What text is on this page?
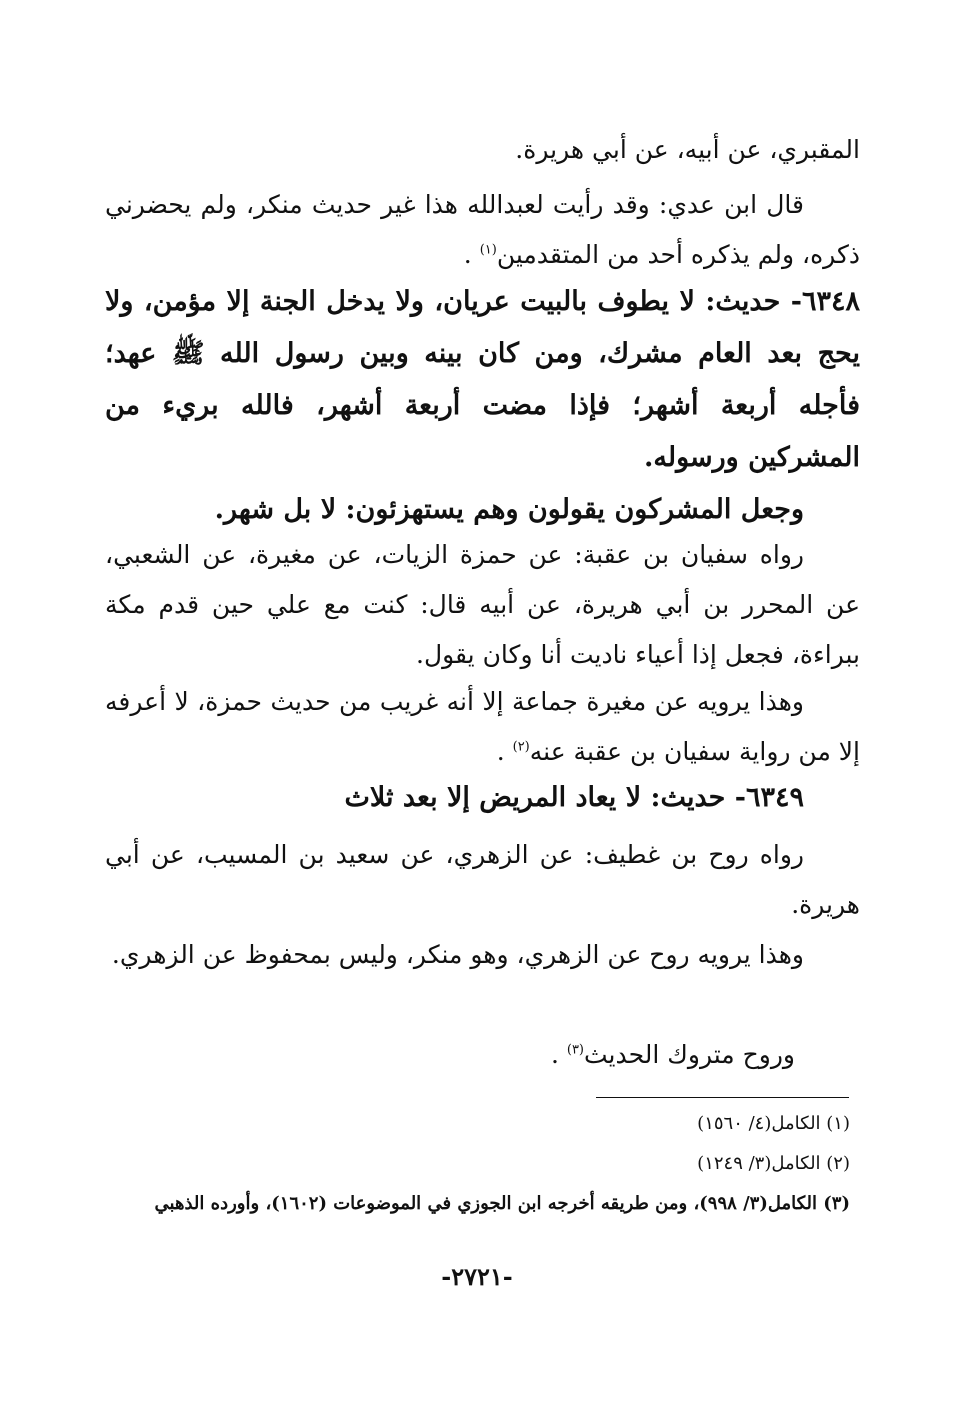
المقبري، عن أبيه، عن أبي هريرة.

قال ابن عدي: وقد رأيت لعبدالله هذا غير حديث منكر، ولم يحضرني ذكره، ولم يذكره أحد من المتقدمين$^{(١)}$ .

٦٣٤٨- حديث: لا يطوف بالبيت عريان، ولا يدخل الجنة إلا مؤمن، ولا يحج بعد العام مشرك، ومن كان بينه وبين رسول الله ﷺ عهد؛ فأجله أربعة أشهر؛ فإذا مضت أربعة أشهر، فالله بريء من المشركين ورسوله.

وجعل المشركون يقولون وهم يستهزئون: لا بل شهر.

رواه سفيان بن عقبة: عن حمزة الزيات، عن مغيرة، عن الشعبي، عن المحرر بن أبي هريرة، عن أبيه قال: كنت مع علي حين قدم مكة ببراءة، فجعل إذا أعياء ناديت أنا وكان يقول.

وهذا يرويه عن مغيرة جماعة إلا أنه غريب من حديث حمزة، لا أعرفه إلا من رواية سفيان بن عقبة عنه$^{(٢)}$ .

٦٣٤٩- حديث: لا يعاد المريض إلا بعد ثلاث

رواه روح بن غطيف: عن الزهري، عن سعيد بن المسيب، عن أبي هريرة.

وهذا يرويه روح عن الزهري، وهو منكر، وليس بمحفوظ عن الزهري.

وروح متروك الحديث$^{(٣)}$ .

(١) الكامل(٤/ ١٥٦٠)

(٢) الكامل(٣/ ١٢٤٩)

(٣) الكامل(٣/ ٩٩٨)، ومن طريقه أخرجه ابن الجوزي في الموضوعات (١٦٠٢)، وأورده الذهبي

-٢٧٢١-
